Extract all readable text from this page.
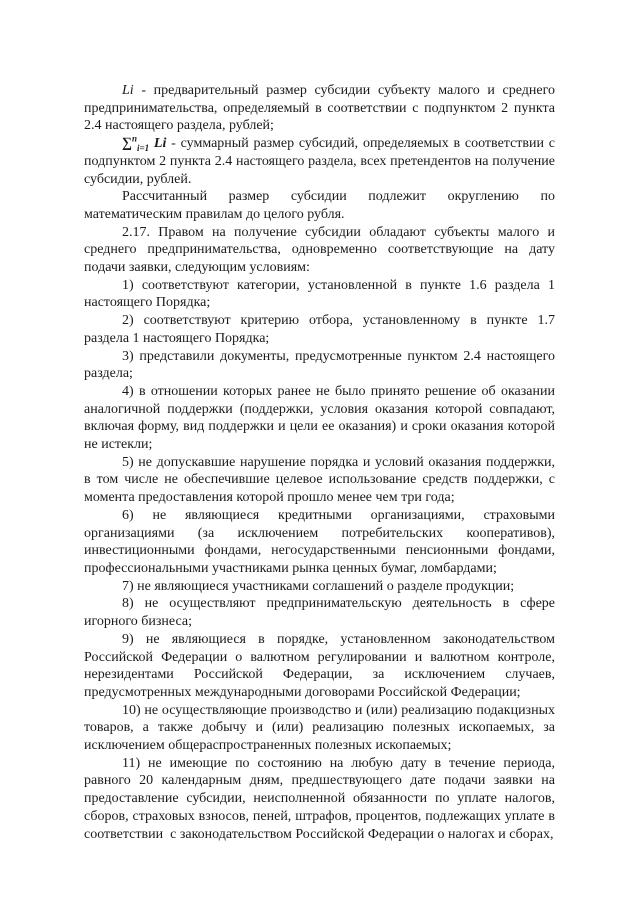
Li - предварительный размер субсидии субъекту малого и среднего предпринимательства, определяемый в соответствии с подпунктом 2 пункта 2.4 настоящего раздела, рублей;

∑$^n_{i=1}$ Li - суммарный размер субсидий, определяемых в соответствии с подпунктом 2 пункта 2.4 настоящего раздела, всех претендентов на получение субсидии, рублей.

Рассчитанный размер субсидии подлежит округлению по математическим правилам до целого рубля.

2.17. Правом на получение субсидии обладают субъекты малого и среднего предпринимательства, одновременно соответствующие на дату подачи заявки, следующим условиям:

1) соответствуют категории, установленной в пункте 1.6 раздела 1 настоящего Порядка;

2) соответствуют критерию отбора, установленному в пункте 1.7 раздела 1 настоящего Порядка;

3) представили документы, предусмотренные пунктом 2.4 настоящего раздела;

4) в отношении которых ранее не было принято решение об оказании аналогичной поддержки (поддержки, условия оказания которой совпадают, включая форму, вид поддержки и цели ее оказания) и сроки оказания которой не истекли;

5) не допускавшие нарушение порядка и условий оказания поддержки, в том числе не обеспечившие целевое использование средств поддержки, с момента предоставления которой прошло менее чем три года;

6) не являющиеся кредитными организациями, страховыми организациями (за исключением потребительских кооперативов), инвестиционными фондами, негосударственными пенсионными фондами, профессиональными участниками рынка ценных бумаг, ломбардами;

7) не являющиеся участниками соглашений о разделе продукции;

8) не осуществляют предпринимательскую деятельность в сфере игорного бизнеса;

9) не являющиеся в порядке, установленном законодательством Российской Федерации о валютном регулировании и валютном контроле, нерезидентами Российской Федерации, за исключением случаев, предусмотренных международными договорами Российской Федерации;

10) не осуществляющие производство и (или) реализацию подакцизных товаров, а также добычу и (или) реализацию полезных ископаемых, за исключением общераспространенных полезных ископаемых;

11) не имеющие по состоянию на любую дату в течение периода, равного 20 календарным дням, предшествующего дате подачи заявки на предоставление субсидии, неисполненной обязанности по уплате налогов, сборов, страховых взносов, пеней, штрафов, процентов, подлежащих уплате в соответствии  с законодательством Российской Федерации о налогах и сборах,
